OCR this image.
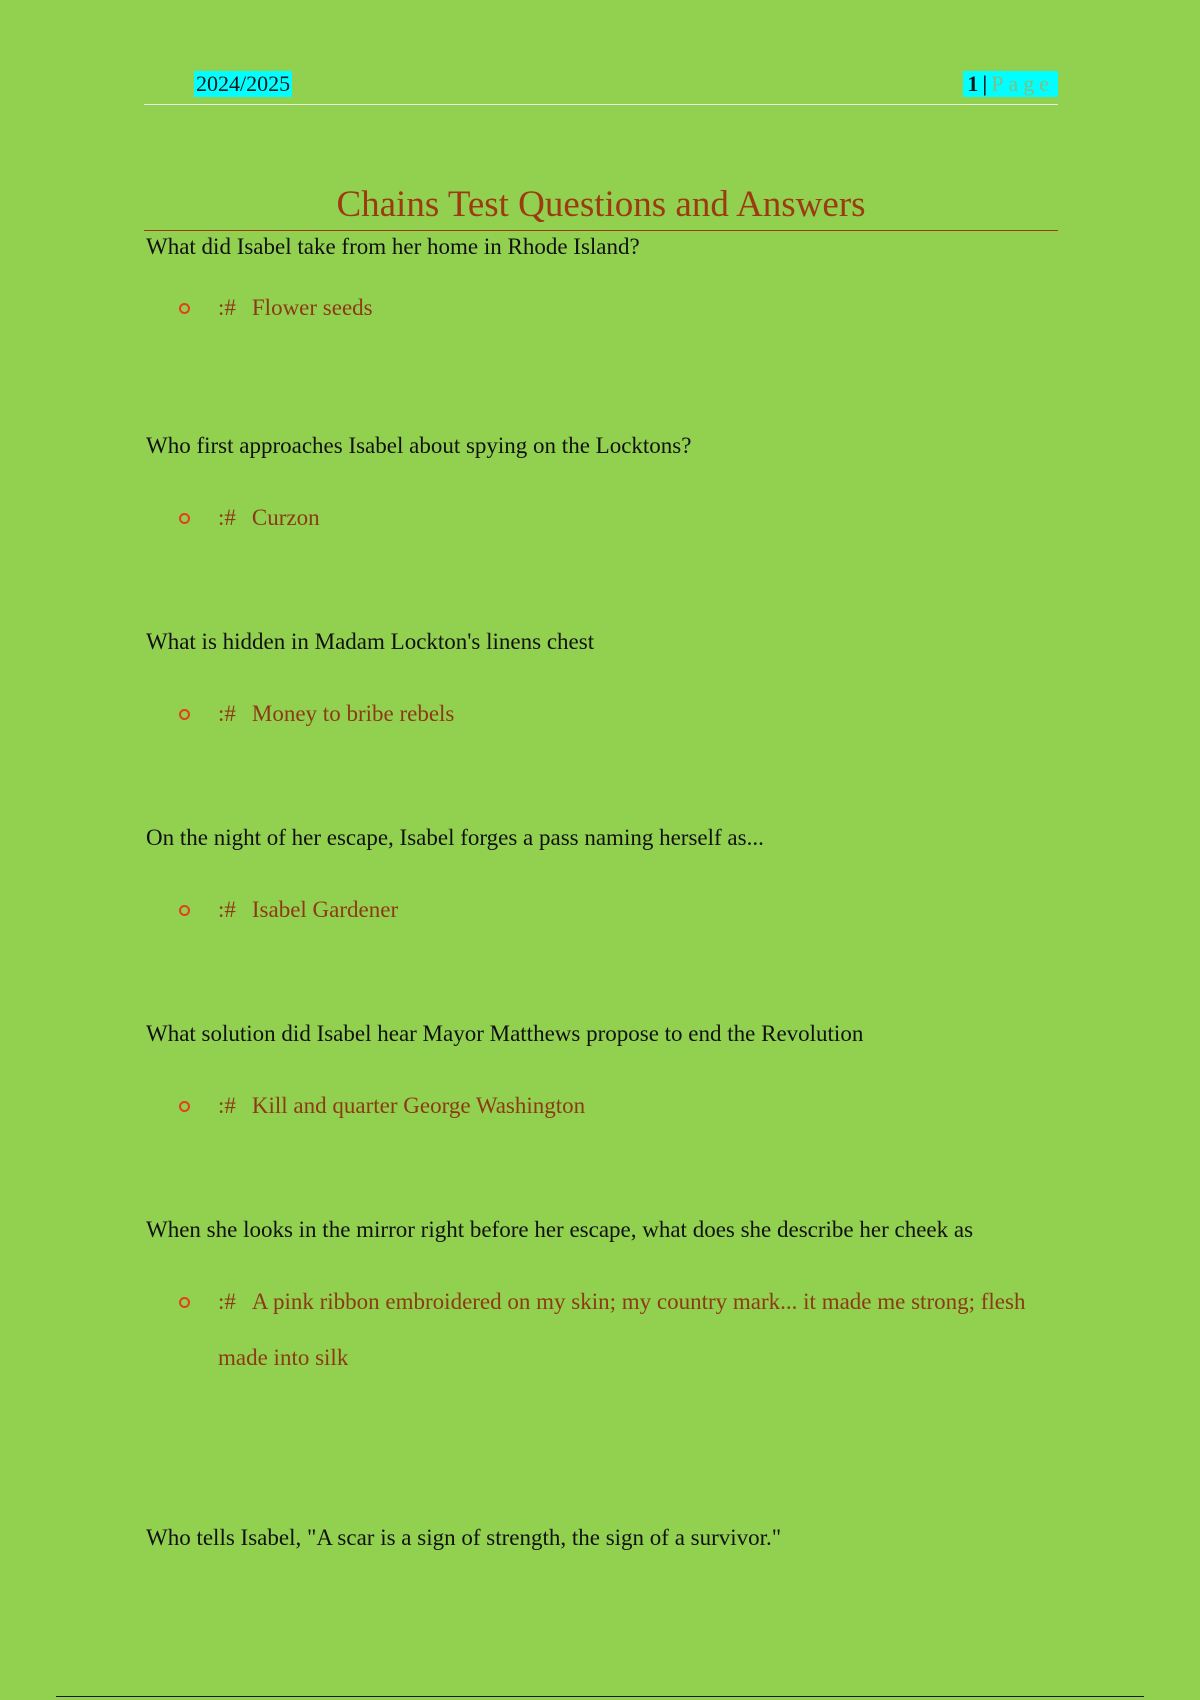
2024/2025	1 | Page
Chains Test Questions and Answers

What did Isabel take from her home in Rhode Island?

:# Flower seeds

Who first approaches Isabel about spying on the Locktons?

:# Curzon

What is hidden in Madam Lockton's linens chest

:# Money to bribe rebels

On the night of her escape, Isabel forges a pass naming herself as...

:# Isabel Gardener

What solution did Isabel hear Mayor Matthews propose to end the Revolution

:# Kill and quarter George Washington

When she looks in the mirror right before her escape, what does she describe her cheek as

:# A pink ribbon embroidered on my skin; my country mark... it made me strong; flesh made into silk

Who tells Isabel, "A scar is a sign of strength, the sign of a survivor."
